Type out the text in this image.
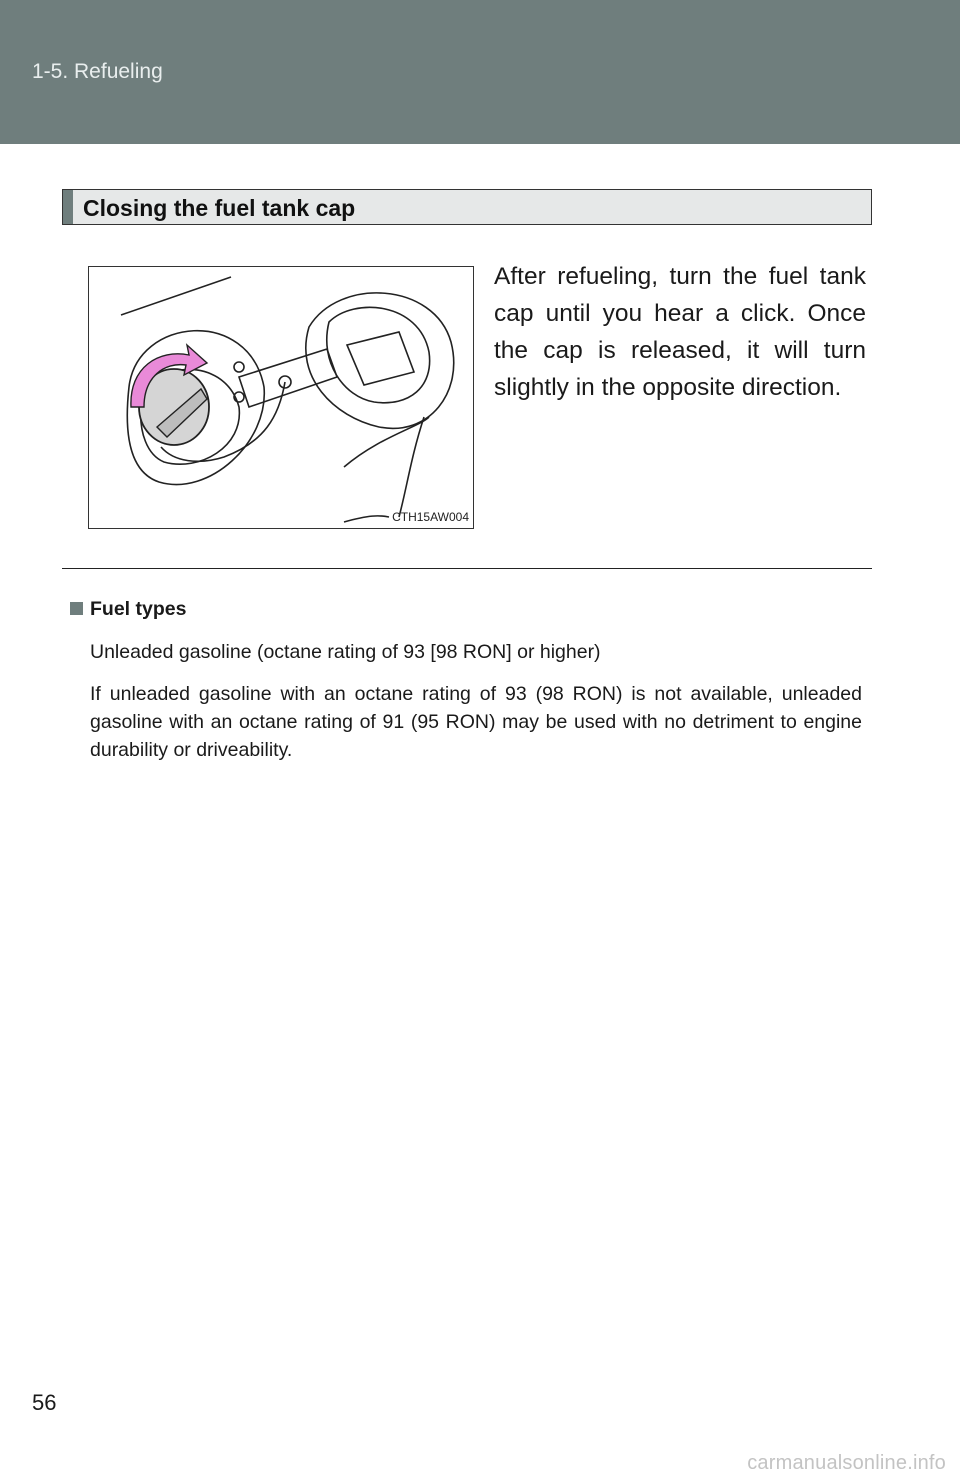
1-5. Refueling
Closing the fuel tank cap
CTH15AW004
After refueling, turn the fuel tank cap until you hear a click. Once the cap is released, it will turn slightly in the opposite direction.
Fuel types

Unleaded gasoline (octane rating of 93 [98 RON] or higher)

If unleaded gasoline with an octane rating of 93 (98 RON) is not available, unleaded gasoline with an octane rating of 91 (95 RON) may be used with no detriment to engine durability or driveability.

56
carmanualsonline.info
